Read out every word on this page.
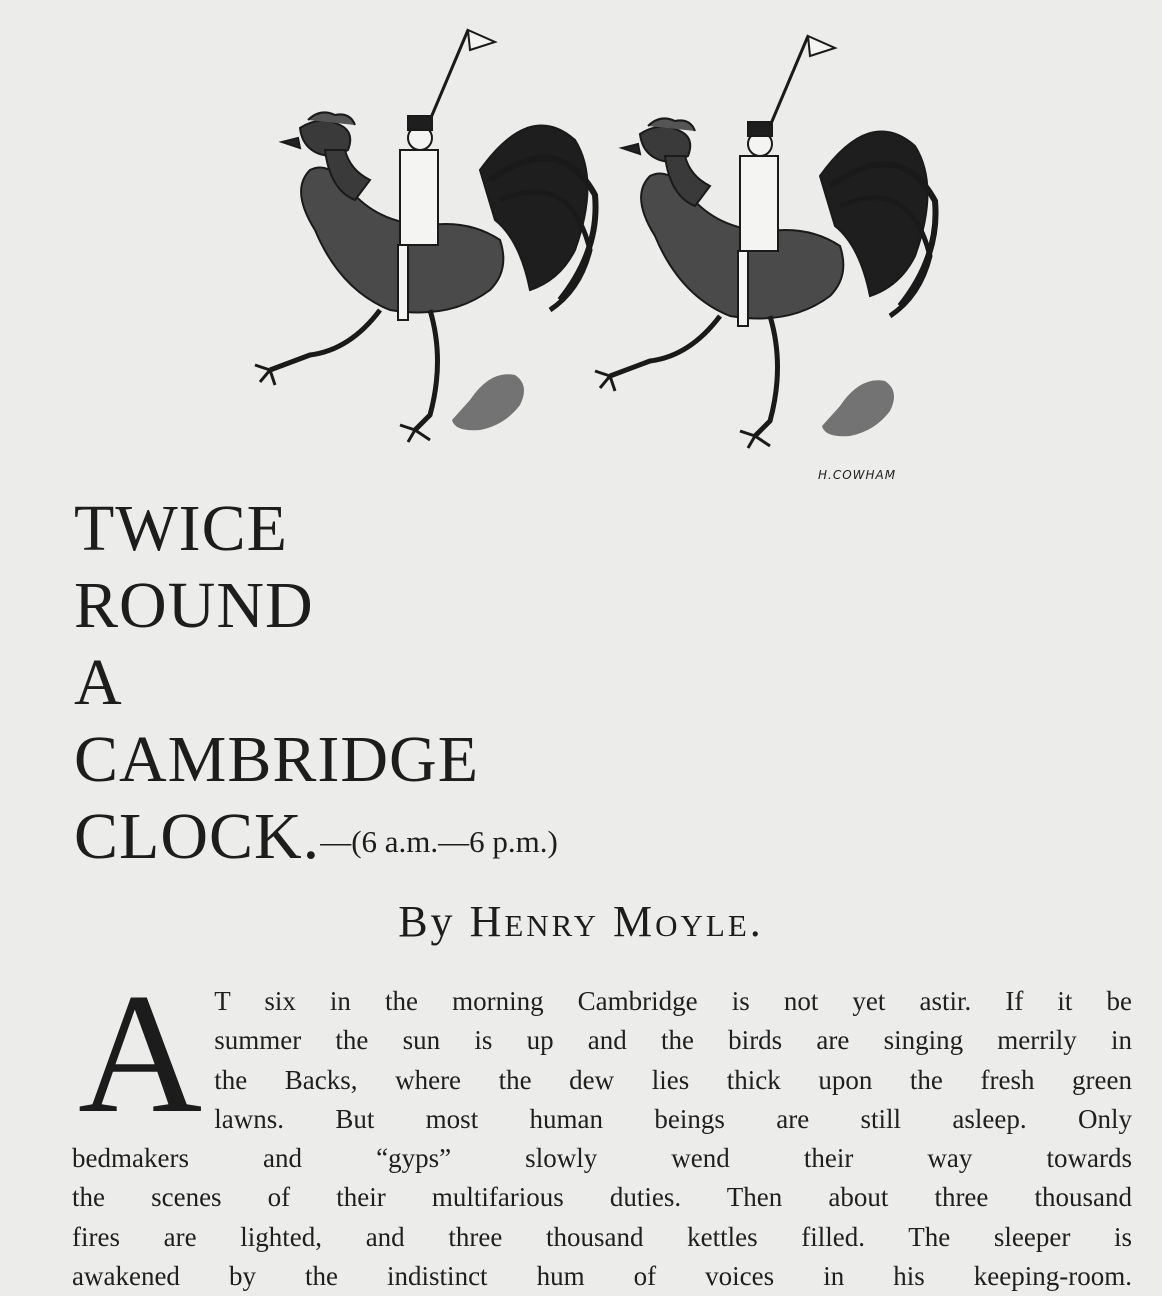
H.COWHAM
TWICE
ROUND
A
CAMBRIDGE
CLOCK.—(6 a.m.—6 p.m.)
By Henry Moyle.
A T six in the morning Cambridge is not yet astir. If it be
summer the sun is up and the birds are singing merrily in
the Backs, where the dew lies thick upon the fresh green
lawns. But most human beings are still asleep. Only
bedmakers and “gyps” slowly wend their way towards
the scenes of their multifarious duties. Then about three thousand
fires are lighted, and three thousand kettles filled. The sleeper is
awakened by the indistinct hum of voices in his keeping-room.
